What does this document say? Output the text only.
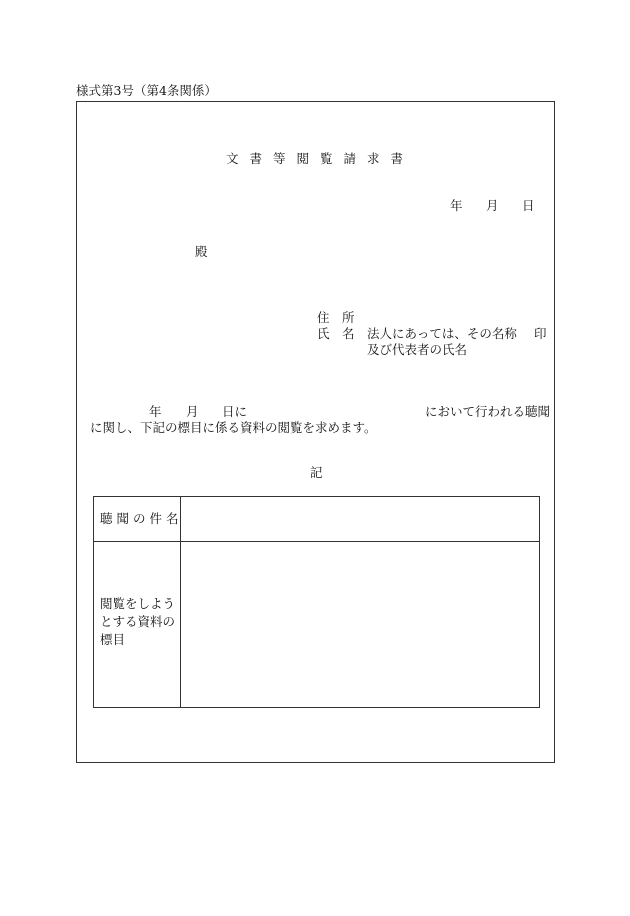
様式第3号（第4条関係）
文書等閲覧請求書
年 月 日
殿
住　所
氏　名 法人にあっては、その名称 印
及び代表者の氏名
年 月 日に	において行われる聴聞
に関し、下記の標目に係る資料の閲覧を求めます。
記
聴聞の件名
閲覧をしよう
とする資料の
標目
